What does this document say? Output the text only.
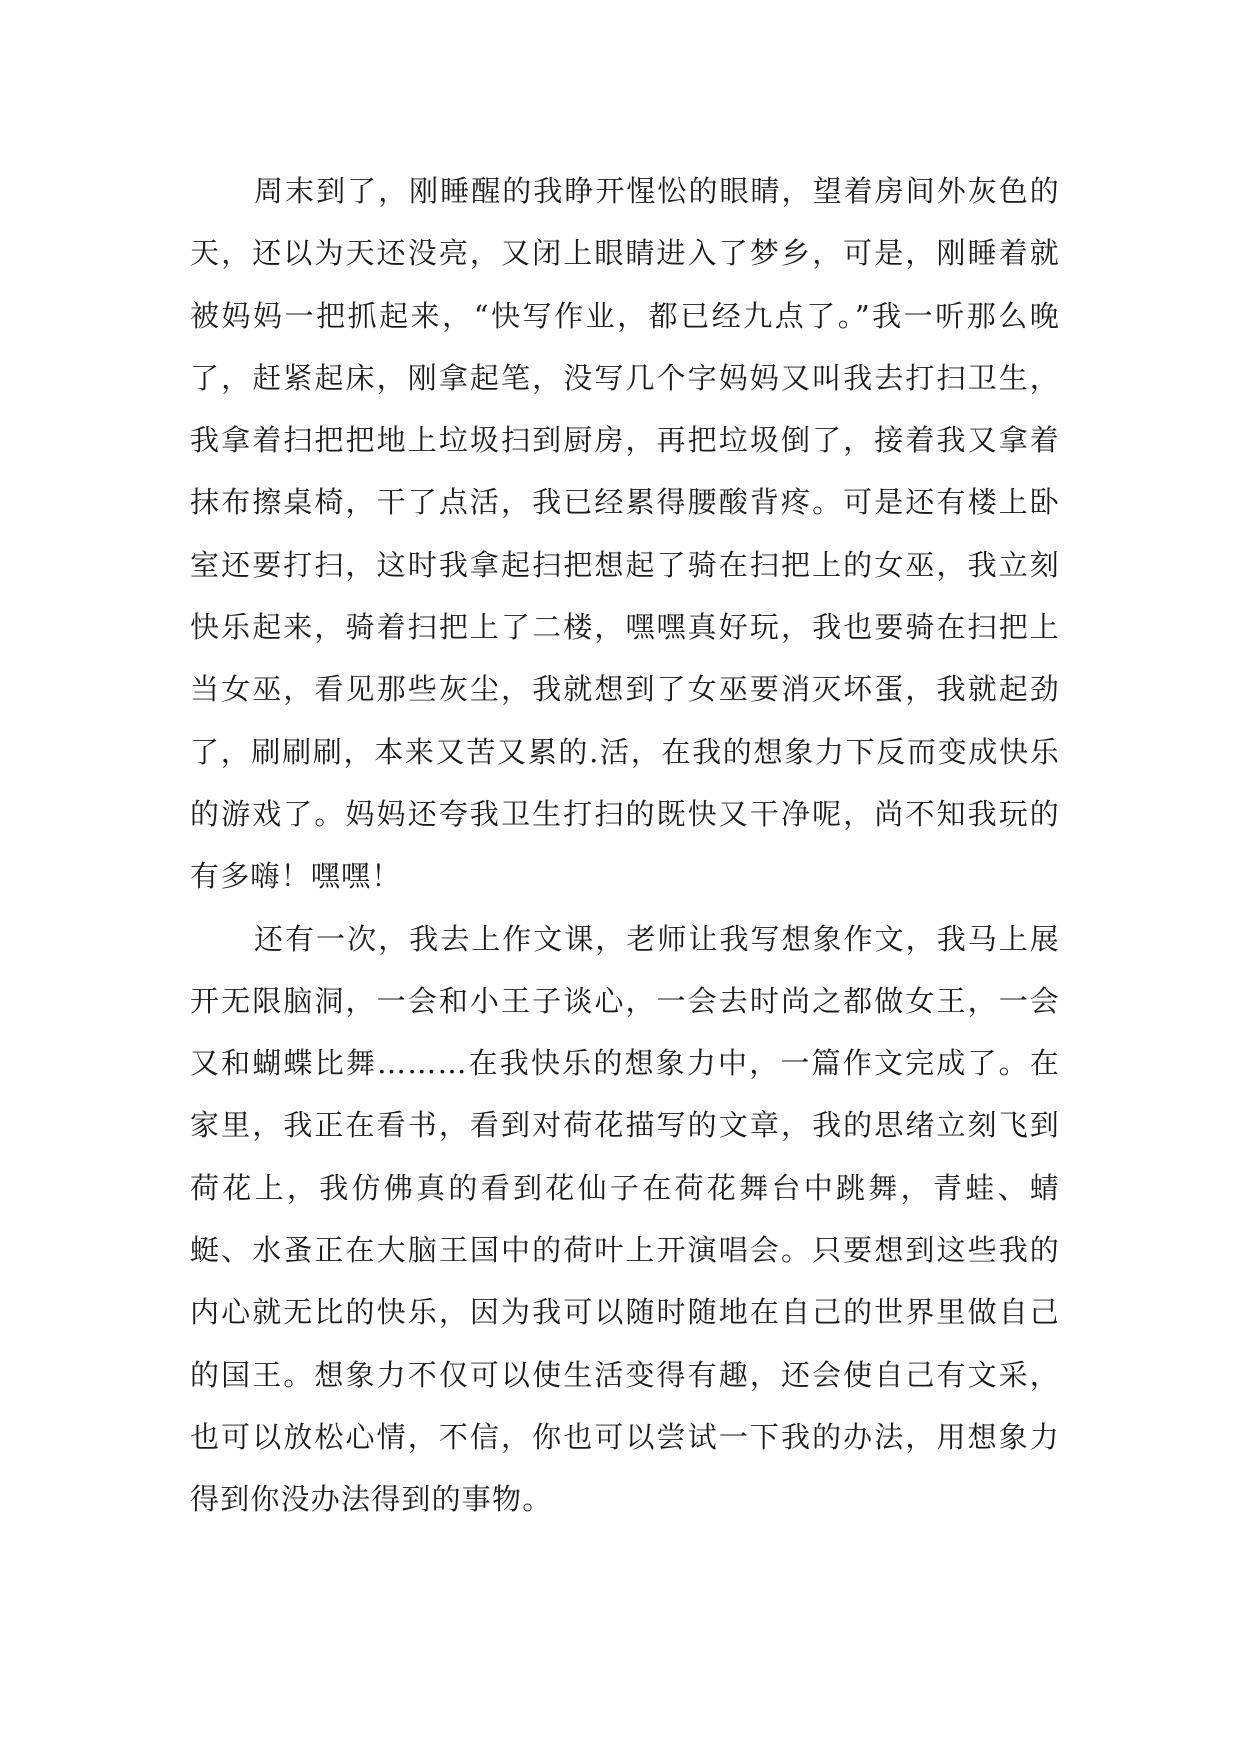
周末到了，刚睡醒的我睁开惺忪的眼睛，望着房间外灰色的天，还以为天还没亮，又闭上眼睛进入了梦乡，可是，刚睡着就被妈妈一把抓起来，“快写作业，都已经九点了。”我一听那么晚了，赶紧起床，刚拿起笔，没写几个字妈妈又叫我去打扫卫生，我拿着扫把把地上垃圾扫到厨房，再把垃圾倒了，接着我又拿着抹布擦桌椅，干了点活，我已经累得腰酸背疼。可是还有楼上卧室还要打扫，这时我拿起扫把想起了骑在扫把上的女巫，我立刻快乐起来，骑着扫把上了二楼，嘿嘿真好玩，我也要骑在扫把上当女巫，看见那些灰尘，我就想到了女巫要消灭坏蛋，我就起劲了，刷刷刷，本来又苦又累的.活，在我的想象力下反而变成快乐的游戏了。妈妈还夸我卫生打扫的既快又干净呢，尚不知我玩的有多嗨！嘿嘿！

还有一次，我去上作文课，老师让我写想象作文，我马上展开无限脑洞，一会和小王子谈心，一会去时尚之都做女王，一会又和蝴蝶比舞………在我快乐的想象力中，一篇作文完成了。在家里，我正在看书，看到对荷花描写的文章，我的思绪立刻飞到荷花上，我仿佛真的看到花仙子在荷花舞台中跳舞，青蛙、蜻蜓、水蚤正在大脑王国中的荷叶上开演唱会。只要想到这些我的内心就无比的快乐，因为我可以随时随地在自己的世界里做自己的国王。想象力不仅可以使生活变得有趣，还会使自己有文采，也可以放松心情，不信，你也可以尝试一下我的办法，用想象力得到你没办法得到的事物。
